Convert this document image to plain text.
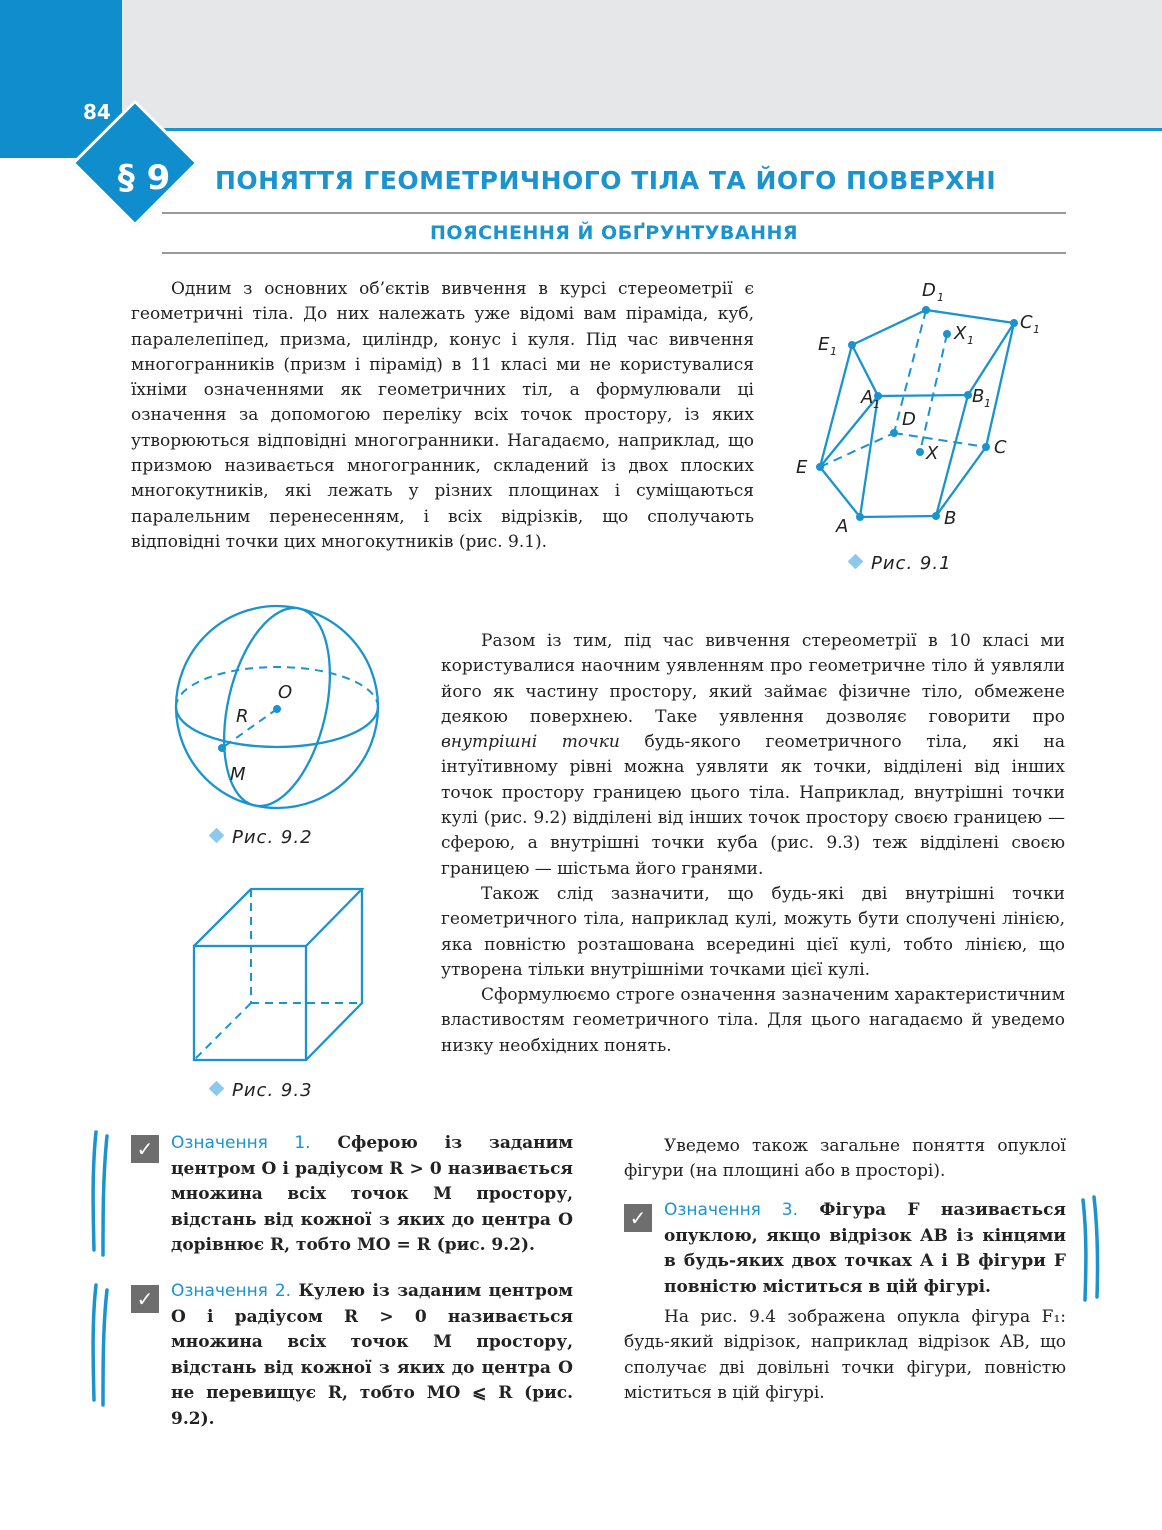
84
§ 9	ПОНЯТТЯ ГЕОМЕТРИЧНОГО ТІЛА ТА ЙОГО ПОВЕРХНІ
ПОЯСНЕННЯ Й ОБҐРУНТУВАННЯ

Одним з основних об’єктів вивчення в курсі стереометрії є геометричні тіла. До них належать уже відомі вам піраміда, куб, паралелепіпед, призма, циліндр, конус і куля. Під час вивчення многогранників (призм і пірамід) в 11 класі ми не користувалися їхніми означеннями як геометричних тіл, а формулювали ці означення за допомогою переліку всіх точок простору, із яких утворюються відповідні многогранники. Нагадаємо, наприклад, що призмою називається многогранник, складений із двох плоских многокутників, які лежать у різних площинах і суміщаються паралельним перенесенням, і всіх відрізків, що сполучають відповідні точки цих многокутників (рис. 9.1).

D
C
E
X
A	B
D
C
X
E
A	B
1
1
1
1
1	1
Рис. 9.1
O
R
M
Рис. 9.2
Рис. 9.3

Разом із тим, під час вивчення стереометрії в 10 класі ми користувалися наочним уявленням про геометричне тіло й уявляли його як частину простору, який займає фізичне тіло, обмежене деякою поверхнею. Таке уявлення дозволяє говорити про внутрішні точки будь-якого геометричного тіла, які на інтуїтивному рівні можна уявляти як точки, відділені від інших точок простору границею цього тіла. Наприклад, внутрішні точки кулі (рис. 9.2) відділені від інших точок простору своєю границею — сферою, а внутрішні точки куба (рис. 9.3) теж відділені своєю границею — шістьма його гранями.

Також слід зазначити, що будь-які дві внутрішні точки геометричного тіла, наприклад кулі, можуть бути сполучені лінією, яка повністю розташована всередині цієї кулі, тобто лінією, що утворена тільки внутрішніми точками цієї кулі.

Сформулюємо строге означення зазначеним характеристичним властивостям геометричного тіла. Для цього нагадаємо й уведемо низку необхідних понять.

✓	Означення 1. Сферою із заданим центром O і радіусом R > 0 називається множина всіх точок M простору, відстань від кожної з яких до центра O дорівнює R, тобто MO = R (рис. 9.2).
✓	Означення 2. Кулею із заданим центром O і радіусом R > 0 називається множина всіх точок M простору, відстань від кожної з яких до центра O не перевищує R, тобто MO ⩽ R (рис. 9.2).

Уведемо також загальне поняття опуклої фігури (на площині або в просторі).

✓	Означення 3. Фігура F називається опуклою, якщо відрізок AB із кінцями в будь-яких двох точках A і B фігури F повністю міститься в цій фігурі.

На рис. 9.4 зображена опукла фігура F₁: будь-який відрізок, наприклад відрізок AB, що сполучає дві довільні точки фігури, повністю міститься в цій фігурі.
